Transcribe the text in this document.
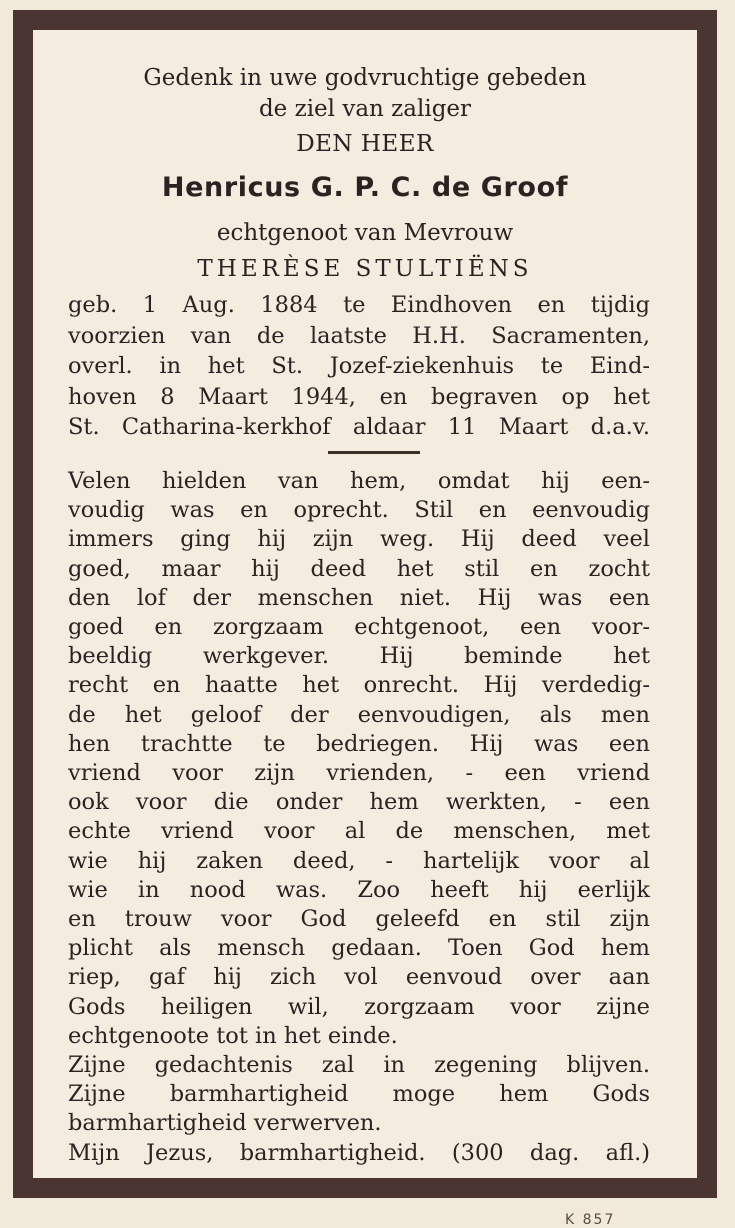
Gedenk in uwe godvruchtige gebeden
de ziel van zaliger
DEN HEER
Henricus G. P. C. de Groof
echtgenoot van Mevrouw
THERÈSE STULTIËNS
geb. 1 Aug. 1884 te Eindhoven en tijdig
voorzien van de laatste H.H. Sacramenten,
overl. in het St. Jozef-ziekenhuis te Eind-
hoven 8 Maart 1944, en begraven op het
St. Catharina-kerkhof aldaar 11 Maart d.a.v.
Velen hielden van hem, omdat hij een-
voudig was en oprecht. Stil en eenvoudig
immers ging hij zijn weg. Hij deed veel
goed, maar hij deed het stil en zocht
den lof der menschen niet. Hij was een
goed en zorgzaam echtgenoot, een voor-
beeldig werkgever. Hij beminde het
recht en haatte het onrecht. Hij verdedig-
de het geloof der eenvoudigen, als men
hen trachtte te bedriegen. Hij was een
vriend voor zijn vrienden, - een vriend
ook voor die onder hem werkten, - een
echte vriend voor al de menschen, met
wie hij zaken deed, - hartelijk voor al
wie in nood was. Zoo heeft hij eerlijk
en trouw voor God geleefd en stil zijn
plicht als mensch gedaan. Toen God hem
riep, gaf hij zich vol eenvoud over aan
Gods heiligen wil, zorgzaam voor zijne
echtgenoote tot in het einde.
Zijne gedachtenis zal in zegening blijven.
Zijne barmhartigheid moge hem Gods
barmhartigheid verwerven.
Mijn Jezus, barmhartigheid. (300 dag. afl.)
K 857
